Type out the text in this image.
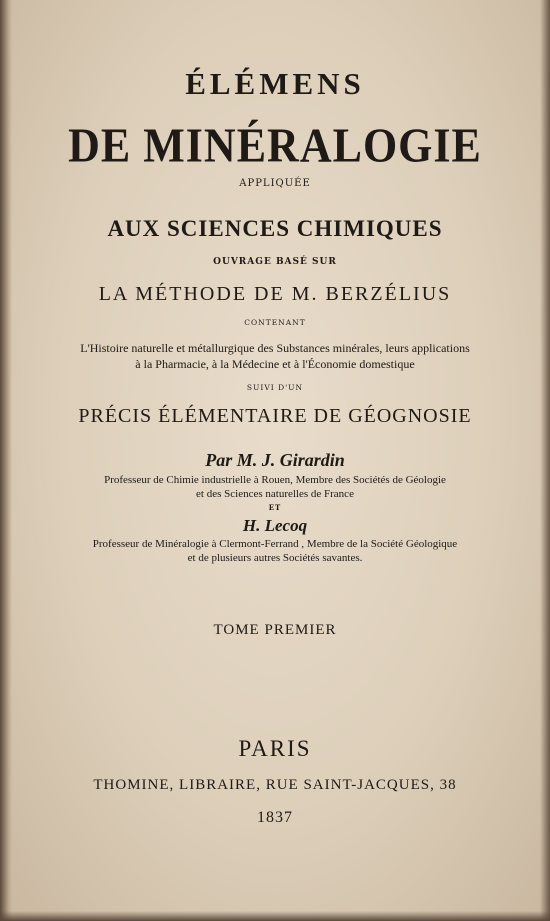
ÉLÉMENS
DE MINÉRALOGIE
APPLIQUÉE
AUX SCIENCES CHIMIQUES
OUVRAGE BASÉ SUR
LA MÉTHODE DE M. BERZÉLIUS
CONTENANT
L'Histoire naturelle et métallurgique des Substances minérales, leurs applications
à la Pharmacie, à la Médecine et à l'Économie domestique
SUIVI D'UN
PRÉCIS ÉLÉMENTAIRE DE GÉOGNOSIE
Par M. J. Girardin
Professeur de Chimie industrielle à Rouen, Membre des Sociétés de Géologie
et des Sciences naturelles de France
ET
H. Lecoq
Professeur de Minéralogie à Clermont-Ferrand , Membre de la Société Géologique
et de plusieurs autres Sociétés savantes.
TOME PREMIER
PARIS
THOMINE, LIBRAIRE, RUE SAINT-JACQUES, 38
1837
